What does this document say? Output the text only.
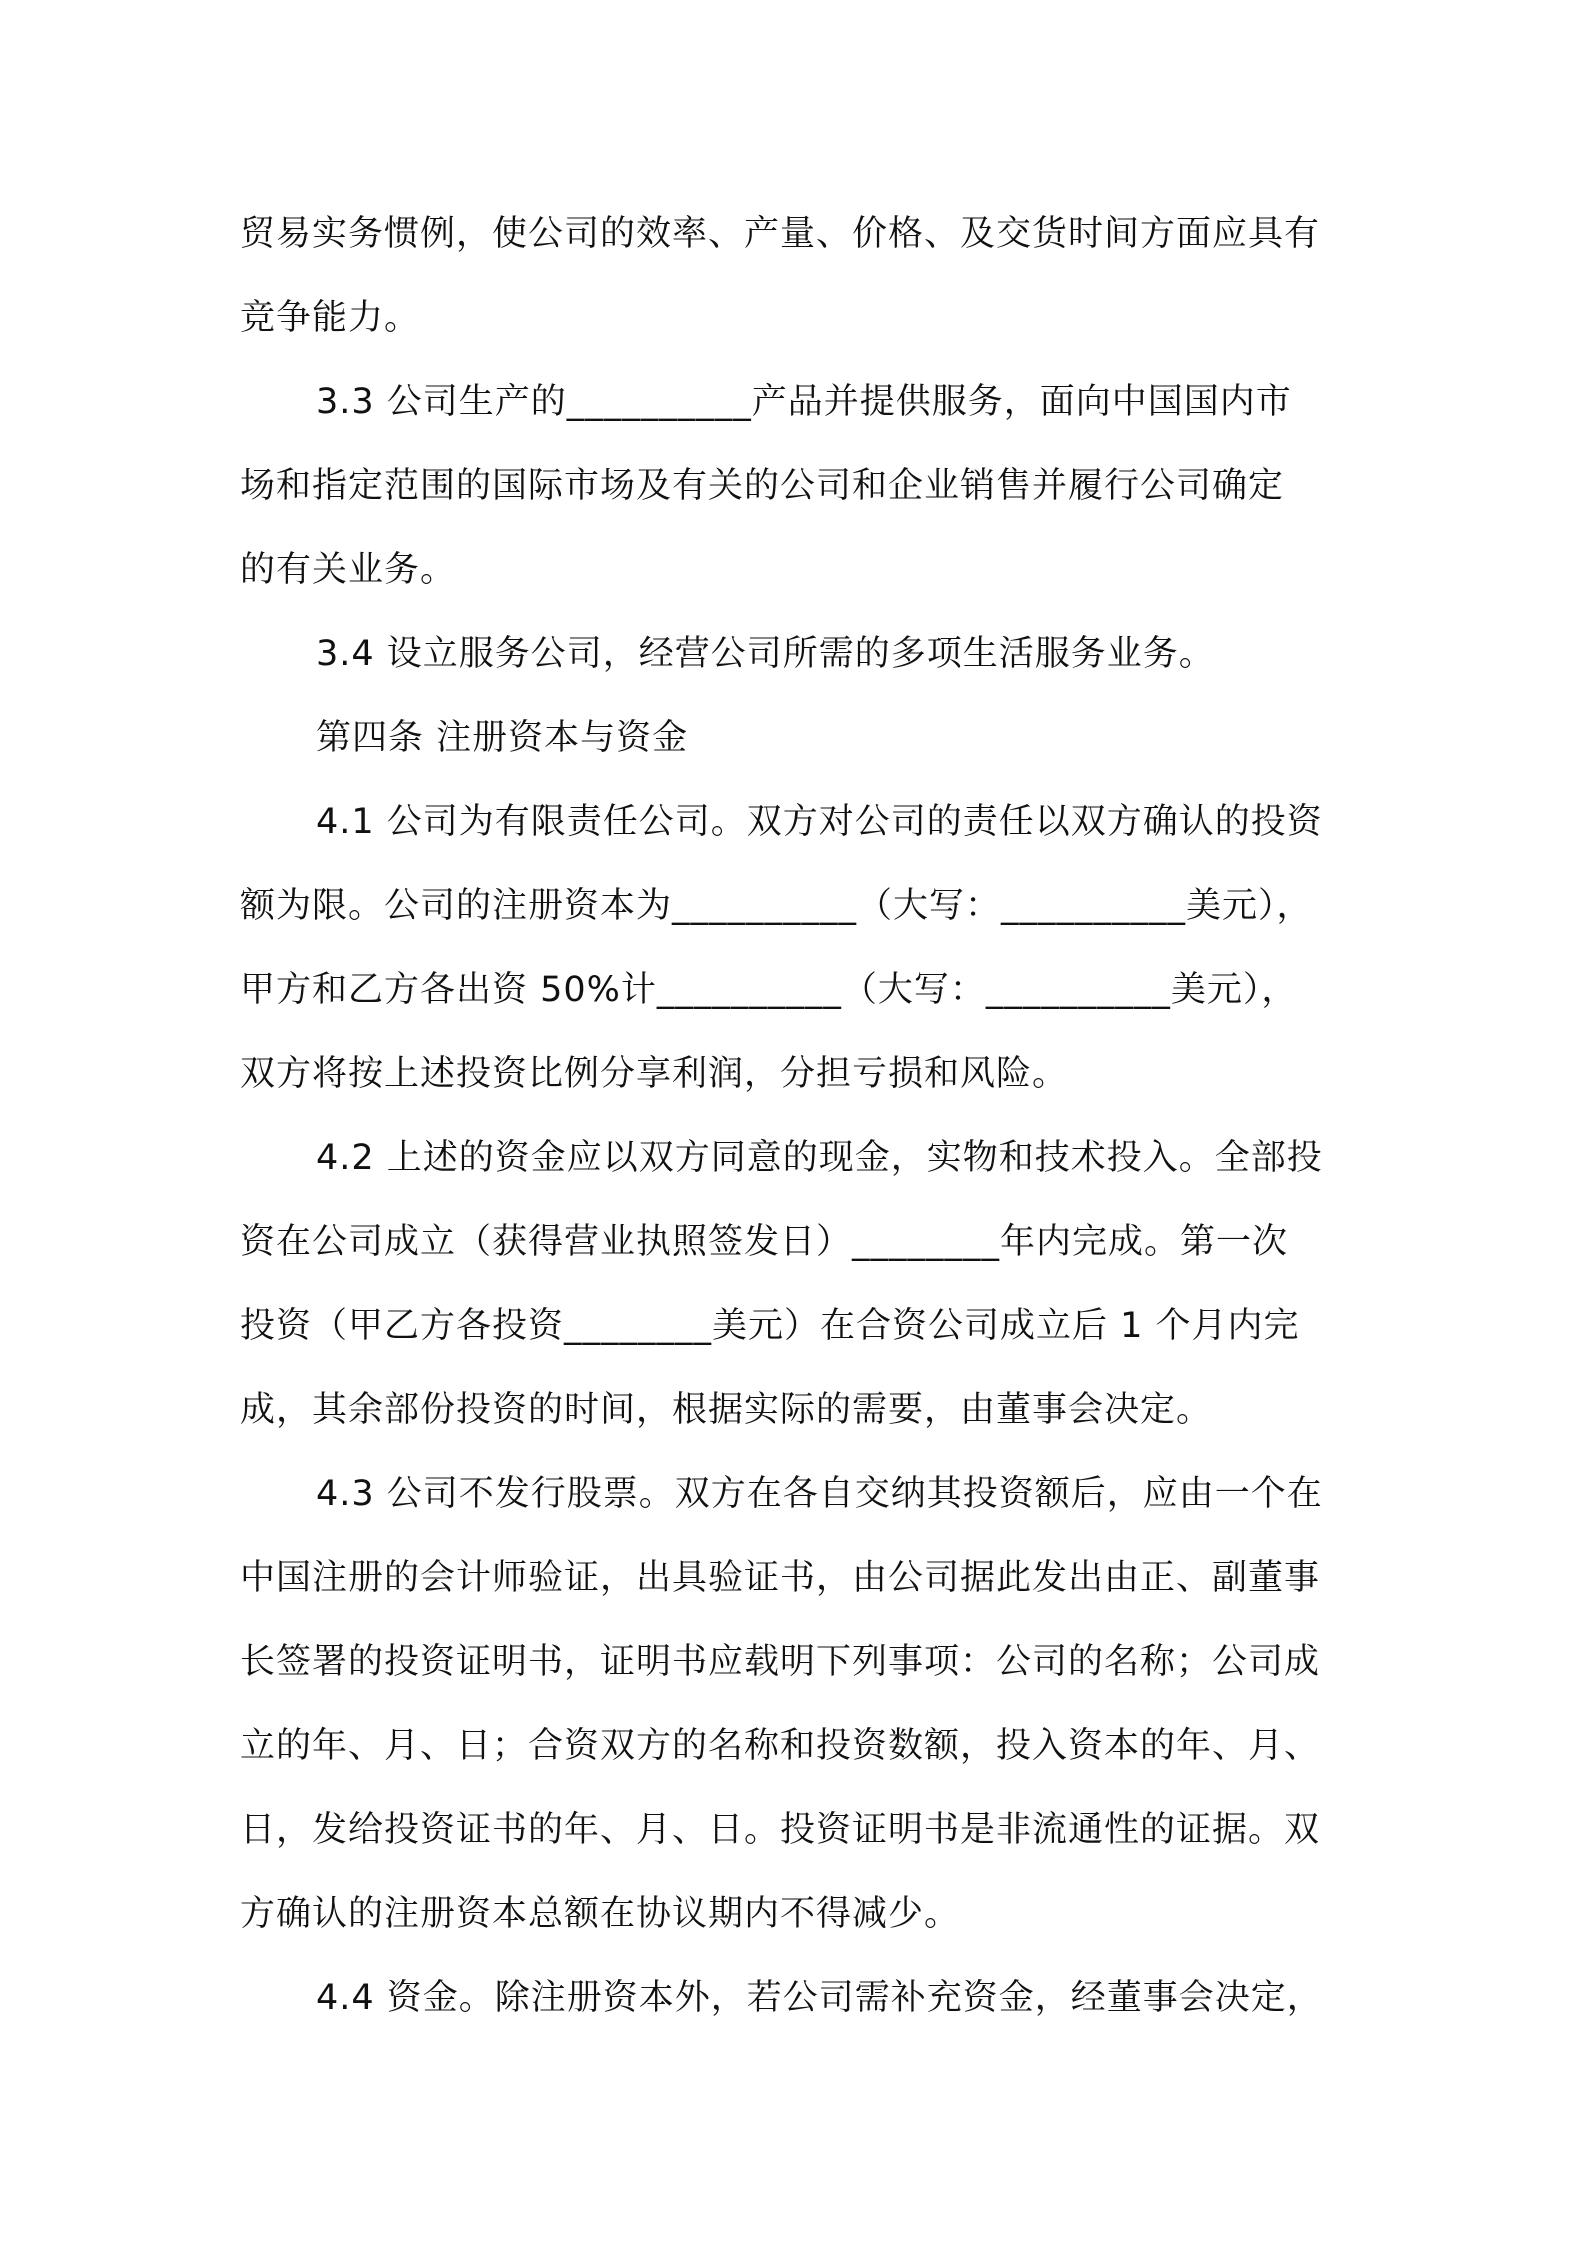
贸易实务惯例，使公司的效率、产量、价格、及交货时间方面应具有
竞争能力。
3.3 公司生产的__________产品并提供服务，面向中国国内市
场和指定范围的国际市场及有关的公司和企业销售并履行公司确定
的有关业务。
3.4 设立服务公司，经营公司所需的多项生活服务业务。
第四条 注册资本与资金
4.1 公司为有限责任公司。双方对公司的责任以双方确认的投资
额为限。公司的注册资本为__________（大写：__________美元），
甲方和乙方各出资 50%计__________（大写：__________美元），
双方将按上述投资比例分享利润，分担亏损和风险。
4.2 上述的资金应以双方同意的现金，实物和技术投入。全部投
资在公司成立（获得营业执照签发日）________年内完成。第一次
投资（甲乙方各投资________美元）在合资公司成立后 1 个月内完
成，其余部份投资的时间，根据实际的需要，由董事会决定。
4.3 公司不发行股票。双方在各自交纳其投资额后，应由一个在
中国注册的会计师验证，出具验证书，由公司据此发出由正、副董事
长签署的投资证明书，证明书应载明下列事项：公司的名称；公司成
立的年、月、日；合资双方的名称和投资数额，投入资本的年、月、
日，发给投资证书的年、月、日。投资证明书是非流通性的证据。双
方确认的注册资本总额在协议期内不得减少。
4.4 资金。除注册资本外，若公司需补充资金，经董事会决定，
